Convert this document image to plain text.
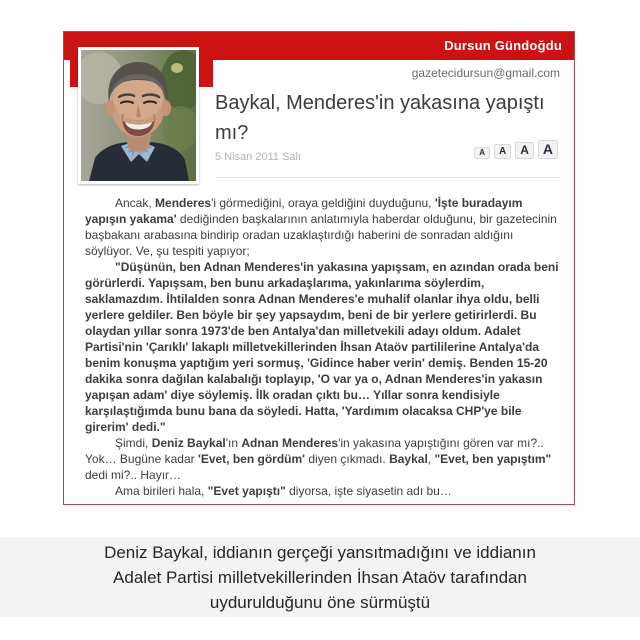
Dursun Gündoğdu
gazetecidursun@gmail.com
Baykal, Menderes'in yakasına yapıştı mı?
5 Nisan 2011 Salı	A	A	A	A

Ancak, Menderes'i görmediğini, oraya geldiğini duyduğunu, 'İşte buradayım yapışın yakama' dediğinden başkalarının anlatımıyla haberdar olduğunu, bir gazetecinin başbakanı arabasına bindirip oradan uzaklaştırdığı haberini de sonradan aldığını söylüyor. Ve, şu tespiti yapıyor;

"Düşünün, ben Adnan Menderes'in yakasına yapışsam, en azından orada beni görürlerdi. Yapışsam, ben bunu arkadaşlarıma, yakınlarıma söylerdim, saklamazdım. İhtilalden sonra Adnan Menderes'e muhalif olanlar ihya oldu, belli yerlere geldiler. Ben böyle bir şey yapsaydım, beni de bir yerlere getirirlerdi. Bu olaydan yıllar sonra 1973'de ben Antalya'dan milletvekili adayı oldum. Adalet Partisi'nin 'Çarıklı' lakaplı milletvekillerinden İhsan Ataöv partililerine Antalya'da benim konuşma yaptığım yeri sormuş, 'Gidince haber verin' demiş. Benden 15-20 dakika sonra dağılan kalabalığı toplayıp, 'O var ya o, Adnan Menderes'in yakasın yapışan adam' diye söylemiş. İlk oradan çıktı bu… Yıllar sonra kendisiyle karşılaştığımda bunu bana da söyledi. Hatta, 'Yardımım olacaksa CHP'ye bile girerim' dedi."

Şimdi, Deniz Baykal'ın Adnan Menderes'in yakasına yapıştığını gören var mı?.. Yok… Bugüne kadar 'Evet, ben gördüm' diyen çıkmadı. Baykal, "Evet, ben yapıştım" dedi mi?.. Hayır…

Ama birileri hala, "Evet yapıştı" diyorsa, işte siyasetin adı bu…

Deniz Baykal, iddianın gerçeği yansıtmadığını ve iddianın
Adalet Partisi milletvekillerinden İhsan Ataöv tarafından
uydurulduğunu öne sürmüştü
